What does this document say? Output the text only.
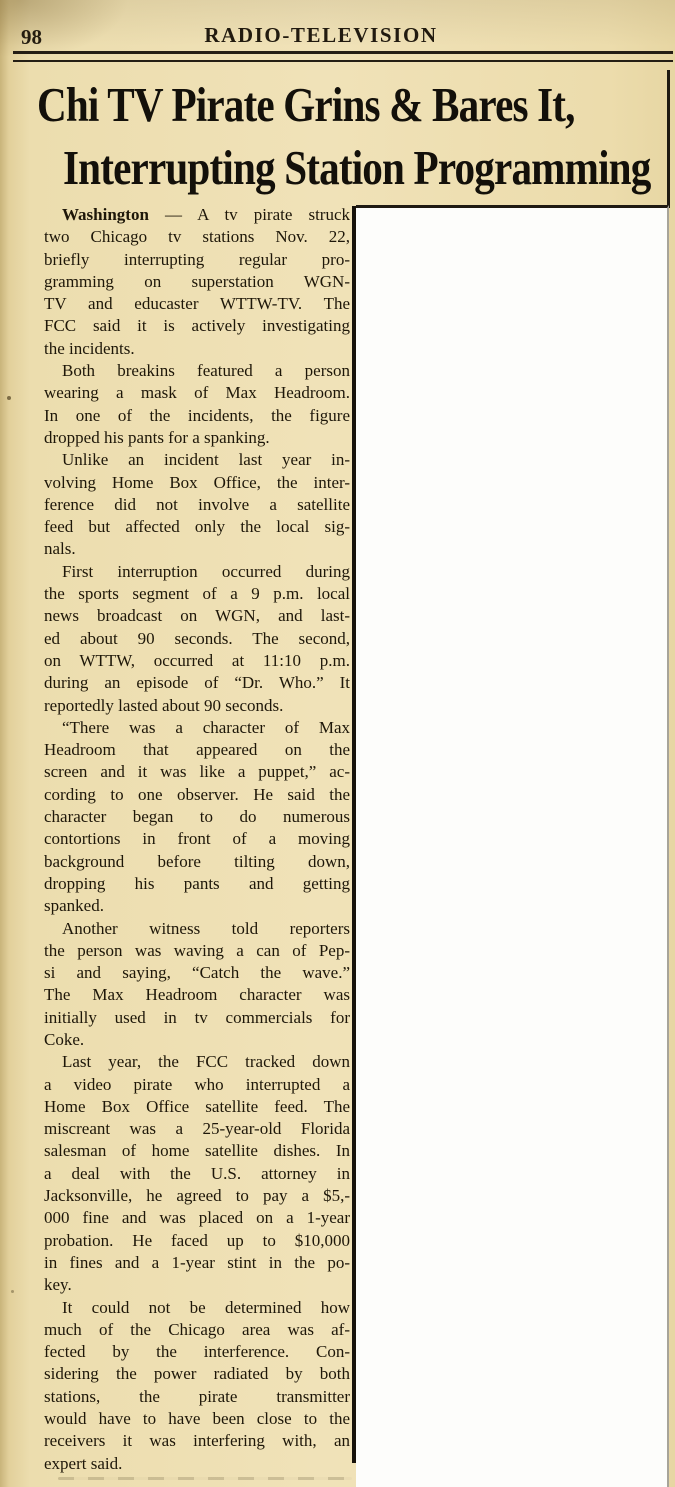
98	RADIO-TELEVISION
Chi TV Pirate Grins & Bares It,
Interrupting Station Programming
Washington — A tv pirate struck
two Chicago tv stations Nov. 22,
briefly interrupting regular pro-
gramming on superstation WGN-
TV and educaster WTTW-TV. The
FCC said it is actively investigating
the incidents.
Both breakins featured a person
wearing a mask of Max Headroom.
In one of the incidents, the figure
dropped his pants for a spanking.
Unlike an incident last year in-
volving Home Box Office, the inter-
ference did not involve a satellite
feed but affected only the local sig-
nals.
First interruption occurred during
the sports segment of a 9 p.m. local
news broadcast on WGN, and last-
ed about 90 seconds. The second,
on WTTW, occurred at 11:10 p.m.
during an episode of “Dr. Who.” It
reportedly lasted about 90 seconds.
“There was a character of Max
Headroom that appeared on the
screen and it was like a puppet,” ac-
cording to one observer. He said the
character began to do numerous
contortions in front of a moving
background before tilting down,
dropping his pants and getting
spanked.
Another witness told reporters
the person was waving a can of Pep-
si and saying, “Catch the wave.”
The Max Headroom character was
initially used in tv commercials for
Coke.
Last year, the FCC tracked down
a video pirate who interrupted a
Home Box Office satellite feed. The
miscreant was a 25-year-old Florida
salesman of home satellite dishes. In
a deal with the U.S. attorney in
Jacksonville, he agreed to pay a $5,-
000 fine and was placed on a 1-year
probation. He faced up to $10,000
in fines and a 1-year stint in the po-
key.
It could not be determined how
much of the Chicago area was af-
fected by the interference. Con-
sidering the power radiated by both
stations, the pirate transmitter
would have to have been close to the
receivers it was interfering with, an
expert said.
